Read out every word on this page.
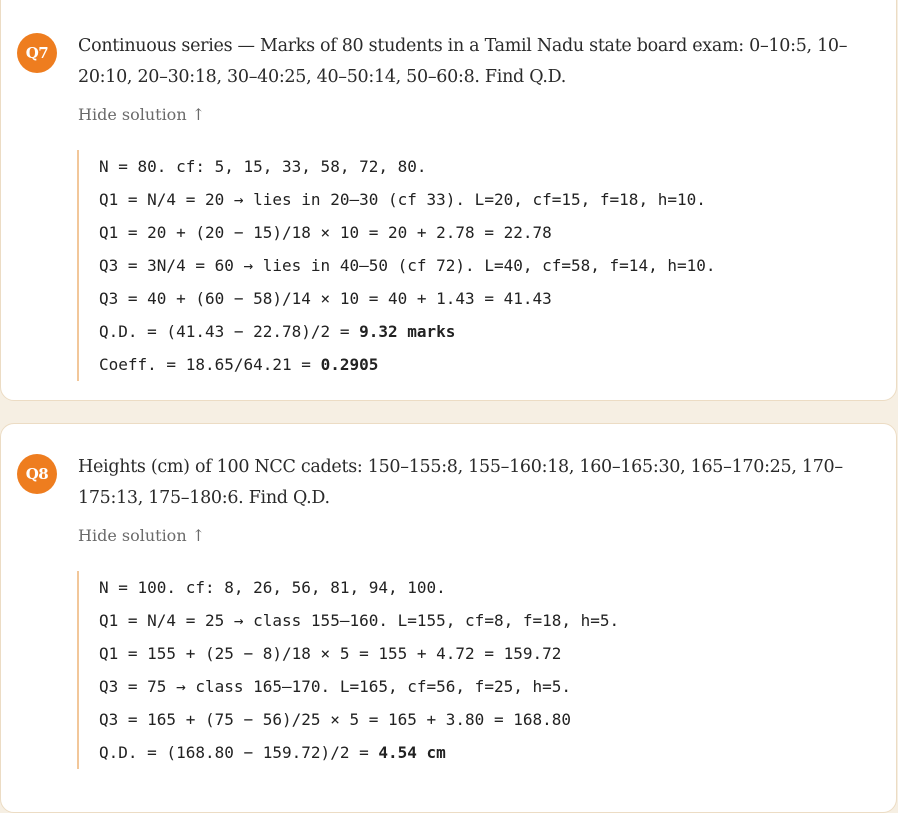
Q7	Continuous series — Marks of 80 students in a Tamil Nadu state board exam: 0–10:5, 10–20:10, 20–30:18, 30–40:25, 40–50:14, 50–60:8. Find Q.D.

Hide solution ↑
N = 80. cf: 5, 15, 33, 58, 72, 80.
Q1 = N/4 = 20 → lies in 20–30 (cf 33). L=20, cf=15, f=18, h=10.
Q1 = 20 + (20 − 15)/18 × 10 = 20 + 2.78 = 22.78
Q3 = 3N/4 = 60 → lies in 40–50 (cf 72). L=40, cf=58, f=14, h=10.
Q3 = 40 + (60 − 58)/14 × 10 = 40 + 1.43 = 41.43
Q.D. = (41.43 − 22.78)/2 = 9.32 marks
Coeff. = 18.65/64.21 = 0.2905
Q8	Heights (cm) of 100 NCC cadets: 150–155:8, 155–160:18, 160–165:30, 165–170:25, 170–175:13, 175–180:6. Find Q.D.

Hide solution ↑
N = 100. cf: 8, 26, 56, 81, 94, 100.
Q1 = N/4 = 25 → class 155–160. L=155, cf=8, f=18, h=5.
Q1 = 155 + (25 − 8)/18 × 5 = 155 + 4.72 = 159.72
Q3 = 75 → class 165–170. L=165, cf=56, f=25, h=5.
Q3 = 165 + (75 − 56)/25 × 5 = 165 + 3.80 = 168.80
Q.D. = (168.80 − 159.72)/2 = 4.54 cm
